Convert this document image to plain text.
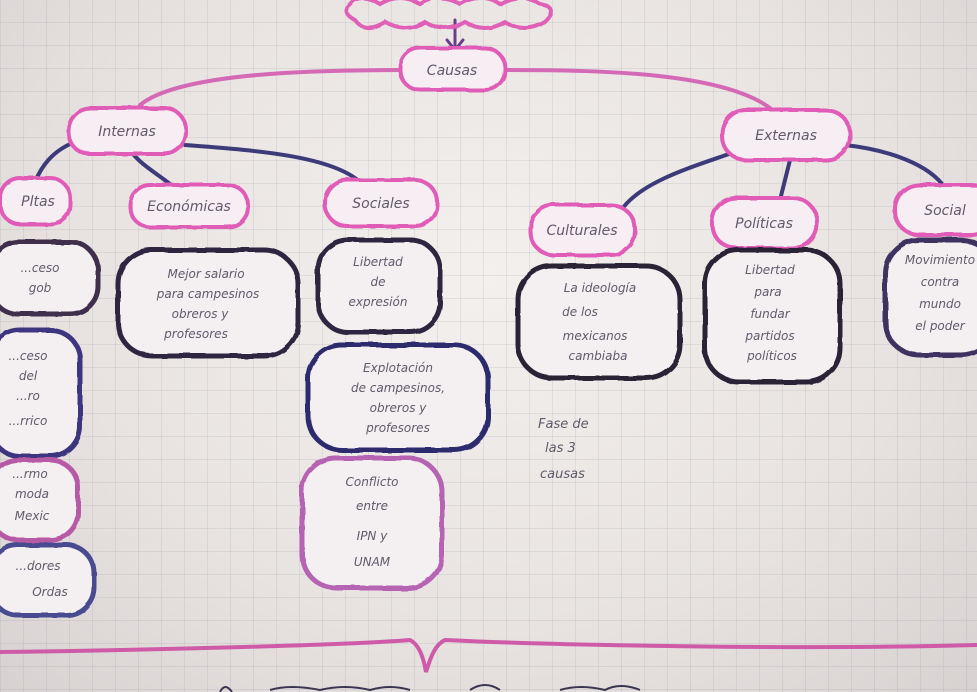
Causas
Internas	Externas
Pltas	Económicas	Sociales
Culturales	Políticas
Social
...ceso
gob
...ceso
del
...ro
...rrico
...rmo
moda
Mexic
...dores
Ordas
Mejor salario
para campesinos
obreros y
profesores
Libertad
de
expresión
Explotación
de campesinos,
obreros y
profesores
Conflicto
entre
IPN y
UNAM
La ideología
de los
mexicanos
cambiaba
Libertad
para
fundar
partidos
políticos
Movimiento
contra
mundo
el poder
Fase de
las 3
causas
